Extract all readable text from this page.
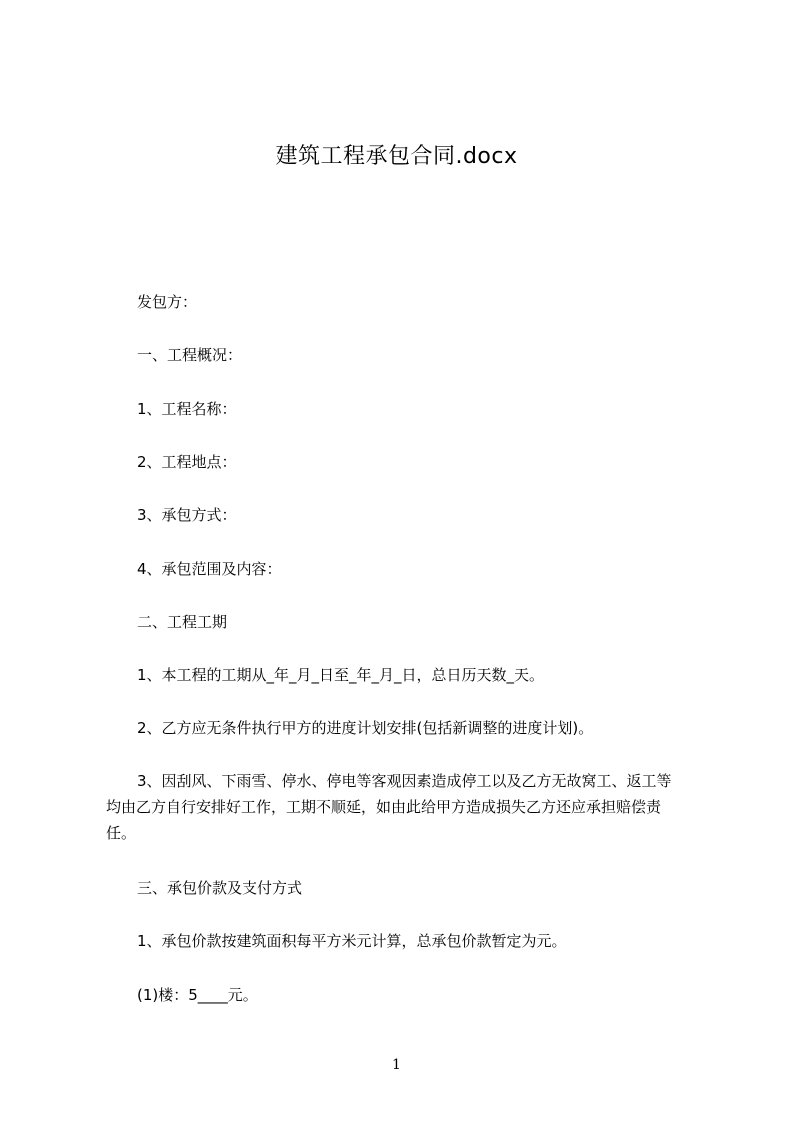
建筑工程承包合同.docx
发包方：
一、工程概况：
1、工程名称：
2、工程地点：
3、承包方式：
4、承包范围及内容：
二、工程工期
1、本工程的工期从_年_月_日至_年_月_日，总日历天数_天。
2、乙方应无条件执行甲方的进度计划安排(包括新调整的进度计划)。
3、因刮风、下雨雪、停水、停电等客观因素造成停工以及乙方无故窝工、返工等
均由乙方自行安排好工作，工期不顺延，如由此给甲方造成损失乙方还应承担赔偿责
任。
三、承包价款及支付方式
1、承包价款按建筑面积每平方米元计算，总承包价款暂定为元。
(1)楼：5____元。
1
